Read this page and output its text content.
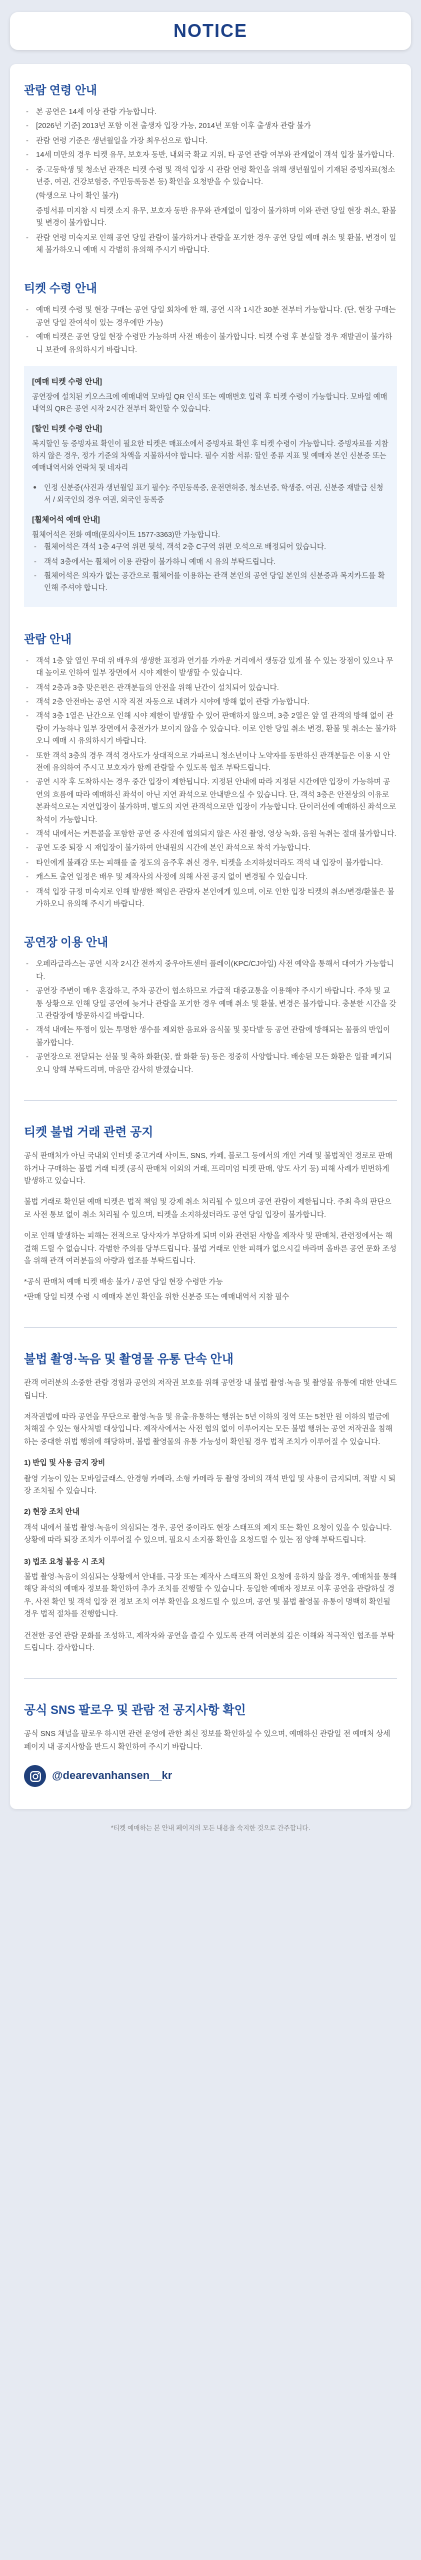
NOTICE
관람 연령 안내
- 본 공연은 14세 이상 관람 가능합니다.
- [2026년 기준] 2013년 포함 이전 출생자 입장 가능, 2014년 포함 이후 출생자 관람 불가
- 관람 연령 기준은 생년월일을 가장 최우선으로 합니다.
- 14세 미만의 경우 티켓 유무, 보호자 동반, 내외국 확교 지위, 타 공연 관람 여부와 관계없이 객석 입장 불가합니다.
- 중·고등학생 및 청소년 관객은 티켓 수령 및 객석 입장 시 관람 연령 확인을 위해 생년월일이 기재된 증빙자료(청소년증, 여권, 건강보험증, 주민등록등본 등) 확인을 요청받을 수 있습니다.
(학생으로 나이 확인 불가)
증빙서류 미지참 시 티켓 소지 유무, 보호자 동반 유무와 관계없이 입장이 불가하며 이와 관련 당일 현장 취소, 환불 및 변경이 불가합니다.
- 관람 연령 미숙지로 인해 공연 당일 관람이 불가하거나 관람을 포기한 경우 공연 당일 예매 취소 및 환불, 변경이 일체 불가하오니 예매 시 각별히 유의해 주시기 바랍니다.
티켓 수령 안내
- 예매 티켓 수령 및 현장 구매는 공연 당일 회차에 한 해, 공연 시작 1시간 30분 전부터 가능합니다. (단, 현장 구매는 공연 당일 잔여석이 있는 경우에만 가능)
- 예매 티켓은 공연 당일 현장 수령만 가능하며 사전 배송이 불가합니다. 티켓 수령 후 분실할 경우 재발권이 불가하니 보관에 유의하시기 바랍니다.
[예매 티켓 수령 안내]

공연장에 설치된 키오스크에 예매내역 모바일 QR 인식 또는 예매번호 입력 후 티켓 수령이 가능합니다. 모바일 예매내역의 QR은 공연 시작 2시간 전부터 확인할 수 있습니다.

[할인 티켓 수령 안내]

복지할인 등 증빙자료 확인이 필요한 티켓은 매표소에서 증빙자료 확인 후 티켓 수령이 가능합니다. 증빙자료를 지참하지 않은 경우, 정가 기준의 차액을 지불하셔야 합니다. 필수 지참 서류: 할인 종류 지표 및 예매자 본인 신분증 또는 예매내역서와 연락처 뒷 네자리

● 인정 신분증(사진과 생년월일 표기 필수): 주민등록증, 운전면허증, 청소년증, 학생증, 여권, 신분증 재발급 신청서 / 외국인의 경우 여권, 외국인 등록증
[휠체어석 예매 안내]

휠체어석은 전화 예매(문의사이트 1577-3363)만 가능합니다.

- 휠체어석은 객석 1층 4구역 위편 뒷석, 객석 2층 C구역 위편 오석으로 배정되어 있습니다.
- 객석 3층에서는 휠체어 이용 관람이 불가하니 예매 시 유의 부탁드립니다.
- 휠체어석은 의자가 없는 공간으로 휠체어를 이용하는 관객 본인의 공연 당일 본인의 신분증과 복지카드를 확인해 주셔야 합니다.
관람 안내
- 객석 1층 앞 열인 무대 위 배우의 생생한 표정과 연기를 가까운 거리에서 생동감 있게 볼 수 있는 장점이 있으나 무대 높이로 인하여 일부 장면에서 시야 제한이 발생할 수 있습니다.
- 객석 2층과 3층 맞은편은 관객분들의 안전을 위해 난간이 설치되어 있습니다.
- 객석 2층 안전바는 공연 시작 직전 자동으로 내려가 시야에 방해 없이 관람 가능합니다.
- 객석 3층 1열은 난간으로 인해 시야 제한이 발생할 수 있어 판매하지 않으며, 3층 2열은 앞 열 관객의 방해 없이 관람이 가능하나 일부 장면에서 충전가가 보이지 않을 수 있습니다. 이로 인한 당일 취소 변경, 환불 및 취소는 불가하오니 예매 시 유의하시기 바랍니다.
- 또한 객석 3층의 경우 객석 경사도가 상대적으로 가파르니 청소년이나 노약자를 동반하신 관객분들은 이용 시 안전에 유의하여 주시고 보호자가 함께 관람할 수 있도록 협조 부탁드립니다.
- 공연 시작 후 도착하시는 경우 중간 입장이 제한됩니다. 지정된 안내에 따라 지정된 시간에만 입장이 가능하며 공연의 흐름에 따라 예매하신 좌석이 아닌 지연 좌석으로 안내받으실 수 있습니다. 단, 객석 3층은 안전상의 이유로 본좌석으로는 지연입장이 불가하며, 별도의 지연 관객석으로만 입장이 가능합니다. 단이러선에 예매하신 좌석으로 착석이 가능합니다.
- 객석 내에서는 커튼콜을 포함한 공연 중 사진에 협의되지 않은 사진 촬영, 영상 녹화, 음원 녹취는 절대 불가합니다.
- 공연 도중 퇴장 시 재입장이 불가하여 안내원의 시간에 본인 좌석으로 착석 가능합니다.
- 타인에게 불쾌감 또는 피해를 줄 정도의 음주후 취신 경우, 티켓을 소지하셨더라도 객석 내 입장이 불가합니다.
- 캐스트 출연 일정은 배우 및 제작사의 사정에 의해 사전 공지 없이 변경될 수 있습니다.
- 객석 입장 규정 미숙지로 인해 발생한 책임은 관람자 본인에게 있으며, 이로 인한 입장 티켓의 취소/변경/환불은 불가하오니 유의해 주시기 바랍니다.
공연장 이용 안내
- 오페라글라스는 공연 시작 2시간 전까지 중우아트센터 플레이(KPC/CJ아일) 사전 예약을 통해서 대여가 가능합니다.
- 공연장 주변이 매우 혼잡하고, 주차 공간이 협소하므로 가급적 대중교통을 이용해야 주시기 바랍니다. 주차 및 교통 상황으로 인해 당일 공연에 늦거나 관람을 포기한 경우 예매 취소 및 환불, 변경은 불가합니다. 충분한 시간을 갖고 관람장에 방문하시길 바랍니다.
- 객석 내에는 뚜껑이 있는 투명한 생수를 제외한 음료와 음식물 및 꽃다발 등 공연 관람에 방해되는 물품의 반입이 불가합니다.
- 공연장으로 전달되는 선물 및 축하 화환(꽃, 쌀 화환 등) 등은 정중히 사양합니다. 배송된 모든 화환은 일괄 폐기되오니 양해 부탁드리며, 마음만 감사히 받겠습니다.
티켓 불법 거래 관련 공지
공식 판매처가 아닌 국내외 인터넷 중고거래 사이트, SNS, 카페, 블로그 등에서의 개인 거래 및 불법적인 경로로 판매하거나 구매하는 불법 거래 티켓 (공식 판매처 이외의 거래, 프리미엄 티켓 판매, 양도 사기 등) 피해 사례가 빈번하게 발생하고 있습니다.
불법 거래로 확인된 예매 티켓은 법적 책임 및 강제 취소 처리될 수 있으며 공연 관람이 제한됩니다. 주최 측의 판단으로 사전 통보 없이 취소 처리될 수 있으며, 티켓을 소지하셨더라도 공연 당일 입장이 불가합니다.
이로 인해 발생하는 피해는 전적으로 당사자가 부담하게 되며 이와 관련된 사항을 제작사 및 판매처, 관련정에서는 해결해 드릴 수 없습니다. 각별한 주의를 당부드립니다. 불법 거래로 인한 피해가 없으시길 바라며 올바른 공연 문화 조성을 위해 관객 여러분들의 아량과 협조를 부탁드립니다.
*공식 판매처 예매 티켓 배송 불가 / 공연 당일 현장 수령만 가능
*판매 당일 티켓 수령 시 예매자 본인 확인을 위한 신분증 또는 예매내역서 지참 필수
불법 촬영·녹음 및 촬영물 유통 단속 안내
관객 여러분의 소중한 관람 경험과 공연의 저작권 보호를 위해 공연장 내 불법 촬영·녹음 및 촬영물 유통에 대한 안내드립니다.
저작권법에 따라 공연을 무단으로 촬영·녹음 및 유출·유통하는 행위는 5년 이하의 징역 또는 5천만 원 이하의 벌금에 처해질 수 있는 형사처벌 대상입니다. 제작사에서는 사전 협의 없이 이루어지는 모든 불법 행위는 공연 저작권을 침해하는 중대한 위법 행위에 해당하며, 불법 촬영물의 유통 가능성이 확인될 경우 법적 조치가 이루어질 수 있습니다.
1) 반입 및 사용 금지 장비
촬영 기능이 있는 모바일글래스, 안경형 카메라, 소형 카메라 등 촬영 장비의 객석 반입 및 사용이 금지되며, 적발 시 퇴장 조치될 수 있습니다.
2) 현장 조치 안내
객석 내에서 불법 촬영·녹음이 의심되는 경우, 공연 중이라도 현장 스태프의 제지 또는 확인 요청이 있을 수 있습니다. 상황에 따라 퇴장 조치가 이루어질 수 있으며, 필요시 소지품 확인을 요청드릴 수 있는 점 양해 부탁드립니다.
3) 법조 요청 불응 시 조치
불법 촬영·녹음이 의심되는 상황에서 안내를, 극장 또는 제작사 스태프의 확인 요청에 응하지 않을 경우, 예매처를 통해 해당 좌석의 예매자 정보를 확인하여 추가 조치를 진행할 수 있습니다. 동일한 예매자 정보로 이후 공연을 관람하실 경우, 사전 확인 및 객석 입장 전 정보 조치 여부 확인을 요청드릴 수 있으며, 공연 및 불법 촬영물 유통이 명백히 확인될 경우 법적 절차를 진행합니다.
건전한 공연 관람 문화를 조성하고, 제작자와 공연을 즐길 수 있도록 관객 여러분의 깊은 이해와 적극적인 협조를 부탁드립니다. 감사합니다.
공식 SNS 팔로우 및 관람 전 공지사항 확인
공식 SNS 채널을 팔로우 하시면 관련 운영에 관한 최신 정보를 확인하실 수 있으며, 예매하신 관람일 전 예매처 상세페이지 내 공지사항을 반드시 확인하여 주시기 바랍니다.
@dearevanhansen__kr
*티켓 예매하는 본 안내 페이지의 모든 내용을 숙지한 것으로 간주합니다.
